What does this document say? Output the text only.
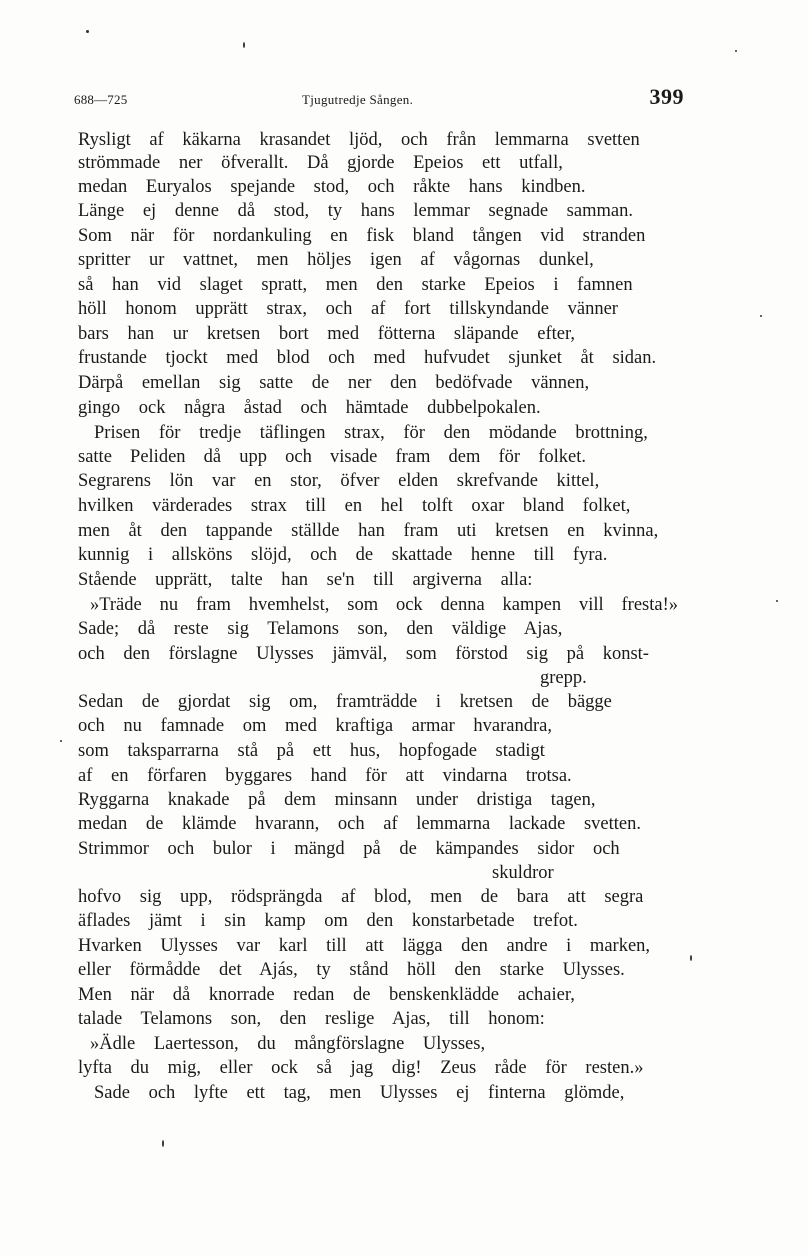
688—725	Tjugutredje Sången.	399
Rysligt af käkarna krasandet ljöd, och från lemmarna svetten
strömmade ner öfverallt. Då gjorde Epeios ett utfall,
medan Euryalos spejande stod, och råkte hans kindben.
Länge ej denne då stod, ty hans lemmar segnade samman.
Som när för nordankuling en fisk bland tången vid stranden
spritter ur vattnet, men höljes igen af vågornas dunkel,
så han vid slaget spratt, men den starke Epeios i famnen
höll honom upprätt strax, och af fort tillskyndande vänner
bars han ur kretsen bort med fötterna släpande efter,
frustande tjockt med blod och med hufvudet sjunket åt sidan.
Därpå emellan sig satte de ner den bedöfvade vännen,
gingo ock några åstad och hämtade dubbelpokalen.
Prisen för tredje täflingen strax, för den mödande brottning,
satte Peliden då upp och visade fram dem för folket.
Segrarens lön var en stor, öfver elden skrefvande kittel,
hvilken värderades strax till en hel tolft oxar bland folket,
men åt den tappande ställde han fram uti kretsen en kvinna,
kunnig i allsköns slöjd, och de skattade henne till fyra.
Stående upprätt, talte han se'n till argiverna alla:
»Träde nu fram hvemhelst, som ock denna kampen vill fresta!»
Sade; då reste sig Telamons son, den väldige Ajas,
och den förslagne Ulysses jämväl, som förstod sig på konst-
grepp.
Sedan de gjordat sig om, framträdde i kretsen de bägge
och nu famnade om med kraftiga armar hvarandra,
som taksparrarna stå på ett hus, hopfogade stadigt
af en förfaren byggares hand för att vindarna trotsa.
Ryggarna knakade på dem minsann under dristiga tagen,
medan de klämde hvarann, och af lemmarna lackade svetten.
Strimmor och bulor i mängd på de kämpandes sidor och
skuldror
hofvo sig upp, rödsprängda af blod, men de bara att segra
äflades jämt i sin kamp om den konstarbetade trefot.
Hvarken Ulysses var karl till att lägga den andre i marken,
eller förmådde det Ajás, ty stånd höll den starke Ulysses.
Men när då knorrade redan de benskenklädde achaier,
talade Telamons son, den reslige Ajas, till honom:
»Ädle Laertesson, du mångförslagne Ulysses,
lyfta du mig, eller ock så jag dig! Zeus råde för resten.»
Sade och lyfte ett tag, men Ulysses ej finterna glömde,
